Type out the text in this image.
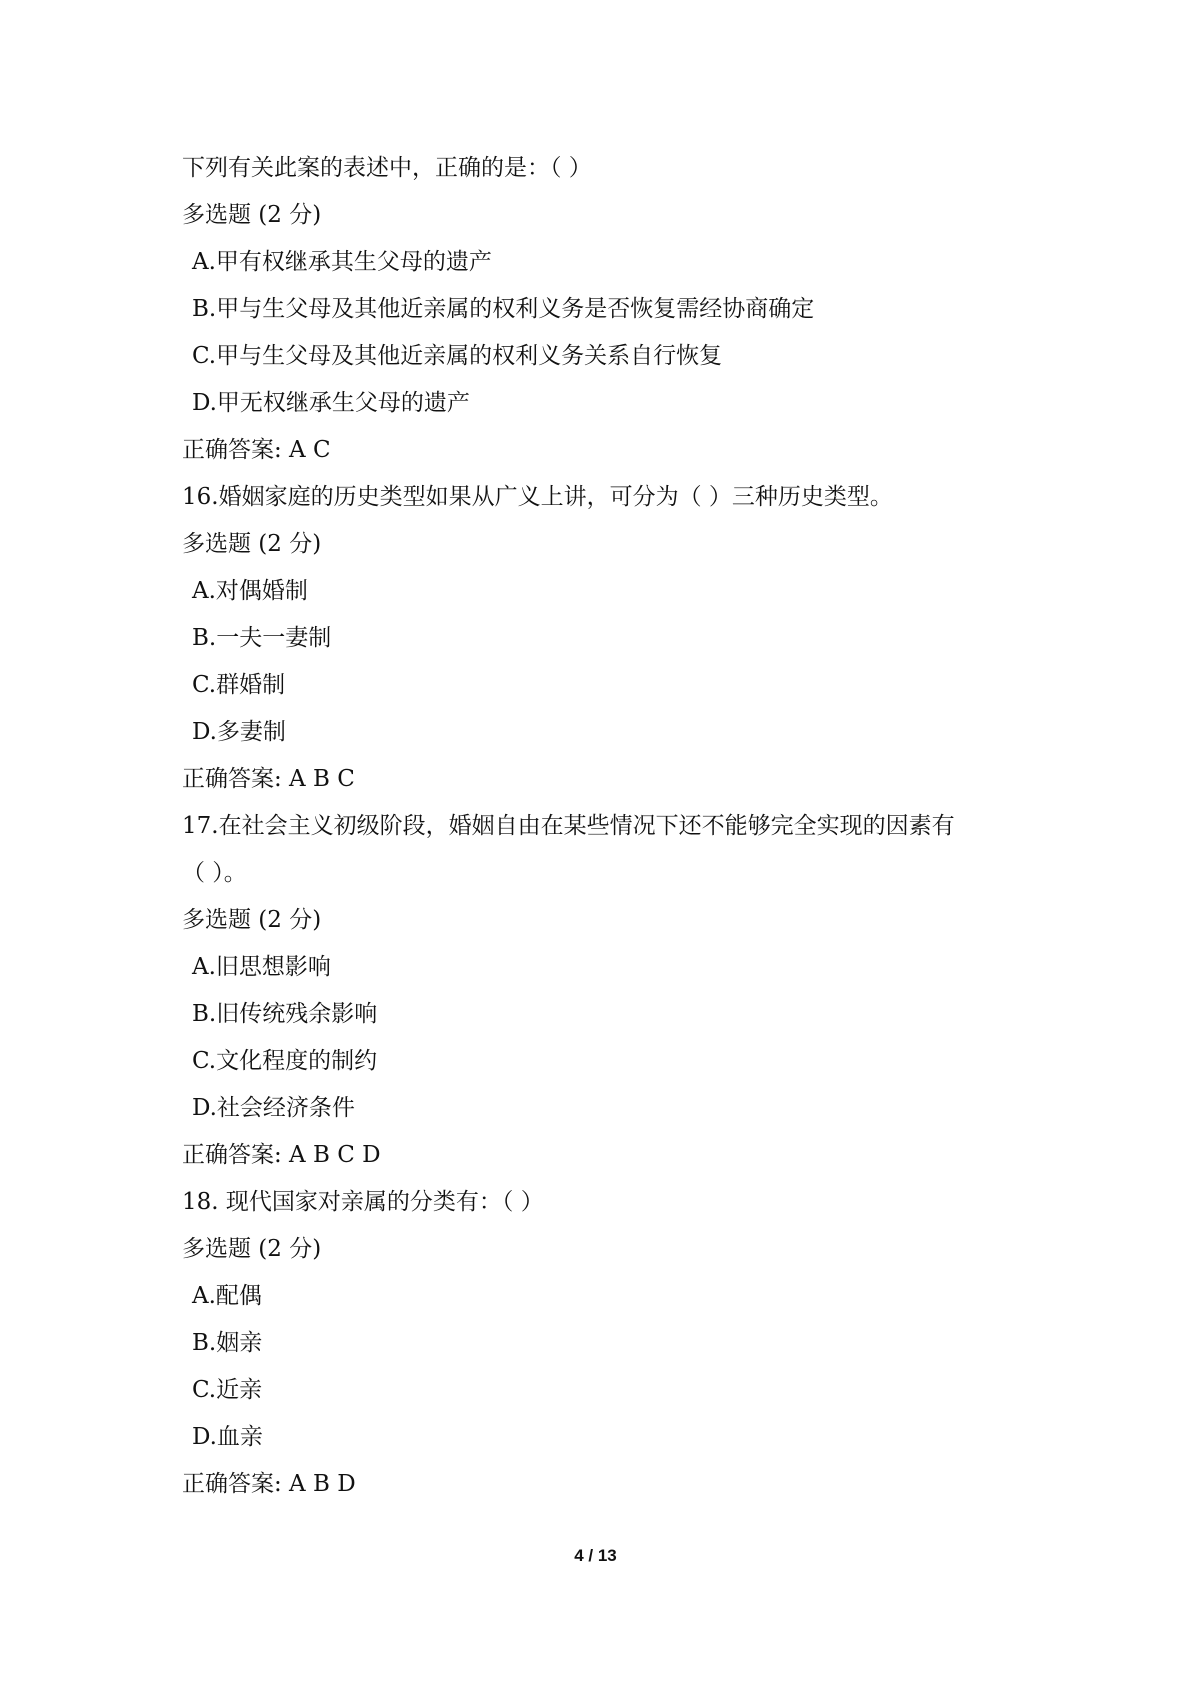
下列有关此案的表述中，正确的是：（ ）
多选题 (2 分)
A.甲有权继承其生父母的遗产
B.甲与生父母及其他近亲属的权利义务是否恢复需经协商确定
C.甲与生父母及其他近亲属的权利义务关系自行恢复
D.甲无权继承生父母的遗产
正确答案: A C
16.婚姻家庭的历史类型如果从广义上讲，可分为（ ）三种历史类型。
多选题 (2 分)
A.对偶婚制
B.一夫一妻制
C.群婚制
D.多妻制
正确答案: A B C
17.在社会主义初级阶段，婚姻自由在某些情况下还不能够完全实现的因素有
（ ）。
多选题 (2 分)
A.旧思想影响
B.旧传统残余影响
C.文化程度的制约
D.社会经济条件
正确答案: A B C D
18. 现代国家对亲属的分类有：（ ）
多选题 (2 分)
A.配偶
B.姻亲
C.近亲
D.血亲
正确答案: A B D
4 / 13
